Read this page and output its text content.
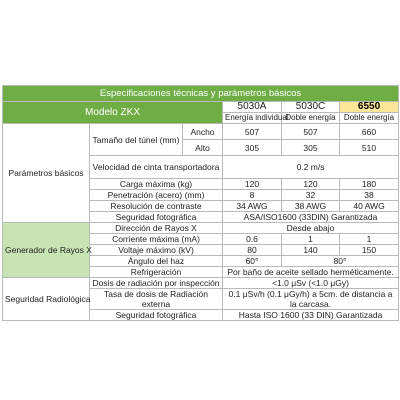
Especificaciones técnicas y parámetros básicos					
Modelo ZKX			5030A	5030C	6550
			Energía individual	Doble energía	Doble energía
Parámetros básicos	Tamaño del túnel (mm)	Ancho	507	507	660
		Alto	305	305	510
	Velocidad de cinta transportadora		0.2 m/s		
	Carga máxima (kg)		120	120	180
	Penetración (acero) (mm)		8	32	38
	Resolución de contraste		34 AWG	38 AWG	40 AWG
	Seguridad fotográfica		ASA/ISO1600 (33DIN) Garantizada		
Generador de Rayos X	Dirección de Rayos X		Desde abajo		
	Corriente máxima (mA)		0.6	1	1
	Voltaje máximo (kV)		80	140	150
	Ángulo del haz		60°	80°	
	Refrigeración		Por baño de aceite sellado herméticamente.		
Seguridad Radiológica	Dosis de radiación por inspección		<1.0 μSv (<1.0 μGy)		
	Tasa de dosis de Radiación externa		0.1 μSv/h (0.1 μGy/h) a 5cm. de distancia a la carcasa.		
	Seguridad fotográfica		Hasta ISO 1600 (33 DIN) Garantizada		
